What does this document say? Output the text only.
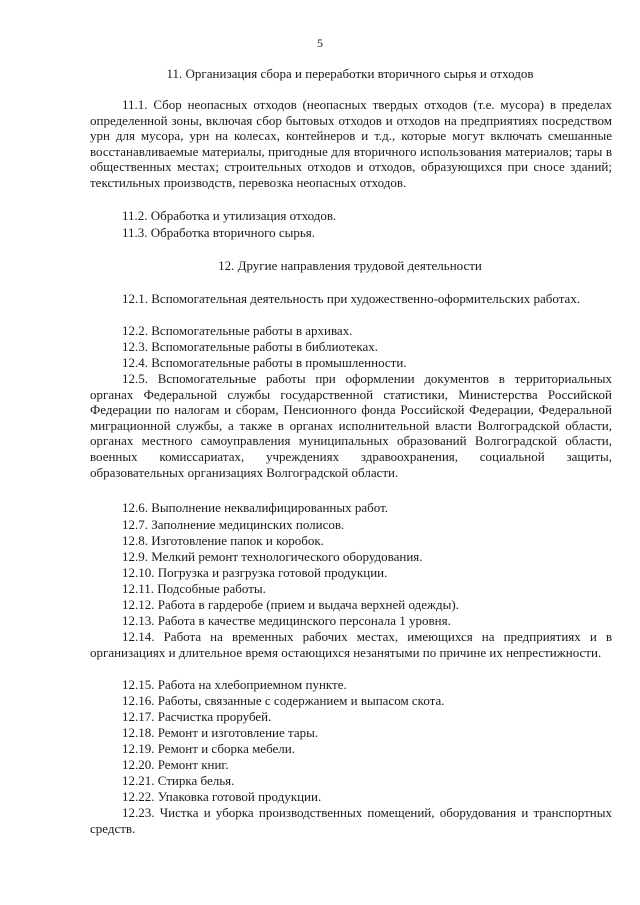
5
11. Организация сбора и переработки вторичного сырья и отходов
11.1. Сбор неопасных отходов (неопасных твердых отходов (т.е. мусора) в пределах определенной зоны, включая сбор бытовых отходов и отходов на предприятиях посредством урн для мусора, урн на колесах, контейнеров и т.д., которые могут включать смешанные восстанавливаемые материалы, пригодные для вторичного использования материалов; тары в общественных местах; строительных отходов и отходов, образующихся при сносе зданий; текстильных производств, перевозка неопасных отходов.
11.2. Обработка и утилизация отходов.
11.3. Обработка вторичного сырья.
12. Другие направления трудовой деятельности
12.1. Вспомогательная деятельность при художественно-оформительских работах.
12.2. Вспомогательные работы в архивах.
12.3. Вспомогательные работы в библиотеках.
12.4. Вспомогательные работы в промышленности.
12.5. Вспомогательные работы при оформлении документов в территориальных органах Федеральной службы государственной статистики, Министерства Российской Федерации по налогам и сборам, Пенсионного фонда Российской Федерации, Федеральной миграционной службы, а также в органах исполнительной власти Волгоградской области, органах местного самоуправления муниципальных образований Волгоградской области, военных комиссариатах, учреждениях здравоохранения, социальной защиты, образовательных организациях Волгоградской области.
12.6. Выполнение неквалифицированных работ.
12.7. Заполнение медицинских полисов.
12.8. Изготовление папок и коробок.
12.9. Мелкий ремонт технологического оборудования.
12.10. Погрузка и разгрузка готовой продукции.
12.11. Подсобные работы.
12.12. Работа в гардеробе (прием и выдача верхней одежды).
12.13. Работа в качестве медицинского персонала 1 уровня.
12.14. Работа на временных рабочих местах, имеющихся на предприятиях и в организациях и длительное время остающихся незанятыми по причине их непрестижности.
12.15. Работа на хлебоприемном пункте.
12.16. Работы, связанные с содержанием и выпасом скота.
12.17. Расчистка прорубей.
12.18. Ремонт и изготовление тары.
12.19. Ремонт и сборка мебели.
12.20. Ремонт книг.
12.21. Стирка белья.
12.22. Упаковка готовой продукции.
12.23. Чистка и уборка производственных помещений, оборудования и транспортных средств.
